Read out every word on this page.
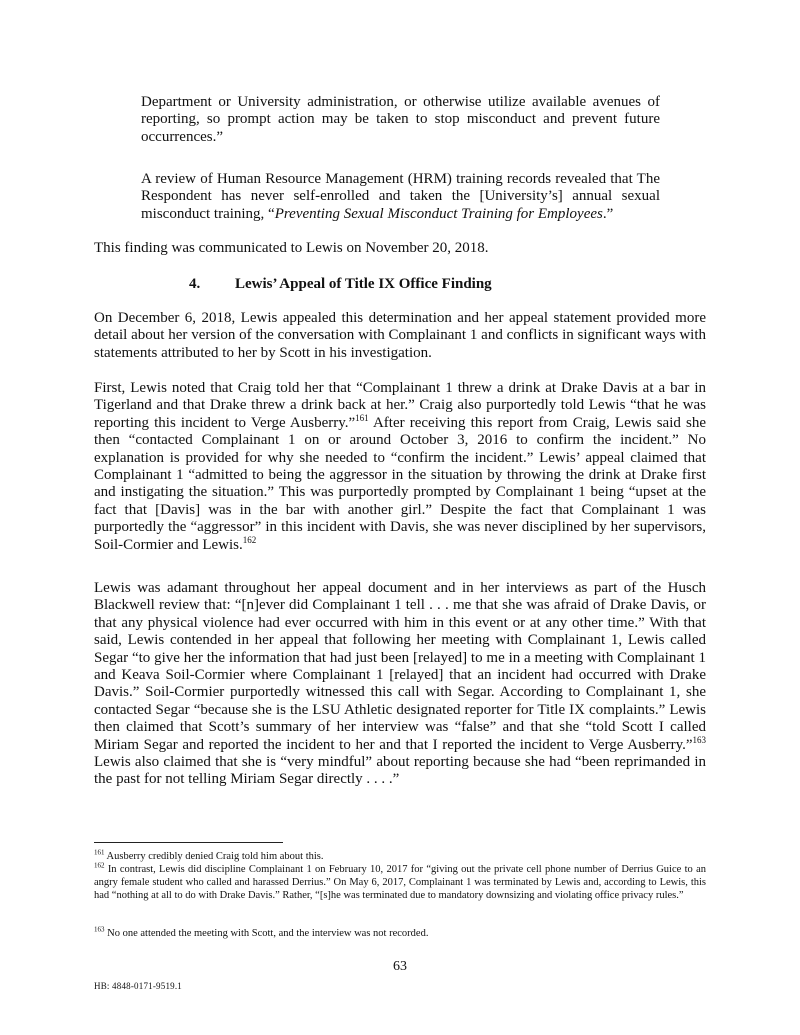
Department or University administration, or otherwise utilize available avenues of reporting, so prompt action may be taken to stop misconduct and prevent future occurrences.”

A review of Human Resource Management (HRM) training records revealed that The Respondent has never self-enrolled and taken the [University’s] annual sexual misconduct training, “Preventing Sexual Misconduct Training for Employees.”

This finding was communicated to Lewis on November 20, 2018.

4. Lewis’ Appeal of Title IX Office Finding

On December 6, 2018, Lewis appealed this determination and her appeal statement provided more detail about her version of the conversation with Complainant 1 and conflicts in significant ways with statements attributed to her by Scott in his investigation.

First, Lewis noted that Craig told her that “Complainant 1 threw a drink at Drake Davis at a bar in Tigerland and that Drake threw a drink back at her.” Craig also purportedly told Lewis “that he was reporting this incident to Verge Ausberry.”$^{161}$ After receiving this report from Craig, Lewis said she then “contacted Complainant 1 on or around October 3, 2016 to confirm the incident.” No explanation is provided for why she needed to “confirm the incident.” Lewis’ appeal claimed that Complainant 1 “admitted to being the aggressor in the situation by throwing the drink at Drake first and instigating the situation.” This was purportedly prompted by Complainant 1 being “upset at the fact that [Davis] was in the bar with another girl.” Despite the fact that Complainant 1 was purportedly the “aggressor” in this incident with Davis, she was never disciplined by her supervisors, Soil-Cormier and Lewis.$^{162}$

Lewis was adamant throughout her appeal document and in her interviews as part of the Husch Blackwell review that: “[n]ever did Complainant 1 tell . . . me that she was afraid of Drake Davis, or that any physical violence had ever occurred with him in this event or at any other time.” With that said, Lewis contended in her appeal that following her meeting with Complainant 1, Lewis called Segar “to give her the information that had just been [relayed] to me in a meeting with Complainant 1 and Keava Soil-Cormier where Complainant 1 [relayed] that an incident had occurred with Drake Davis.” Soil-Cormier purportedly witnessed this call with Segar. According to Complainant 1, she contacted Segar “because she is the LSU Athletic designated reporter for Title IX complaints.” Lewis then claimed that Scott’s summary of her interview was “false” and that she “told Scott I called Miriam Segar and reported the incident to her and that I reported the incident to Verge Ausberry.”$^{163}$ Lewis also claimed that she is “very mindful” about reporting because she had “been reprimanded in the past for not telling Miriam Segar directly . . . .”

$^{161}$ Ausberry credibly denied Craig told him about this.

$^{162}$ In contrast, Lewis did discipline Complainant 1 on February 10, 2017 for “giving out the private cell phone number of Derrius Guice to an angry female student who called and harassed Derrius.” On May 6, 2017, Complainant 1 was terminated by Lewis and, according to Lewis, this had “nothing at all to do with Drake Davis.” Rather, “[s]he was terminated due to mandatory downsizing and violating office privacy rules.”

$^{163}$ No one attended the meeting with Scott, and the interview was not recorded.

63
HB: 4848-0171-9519.1
